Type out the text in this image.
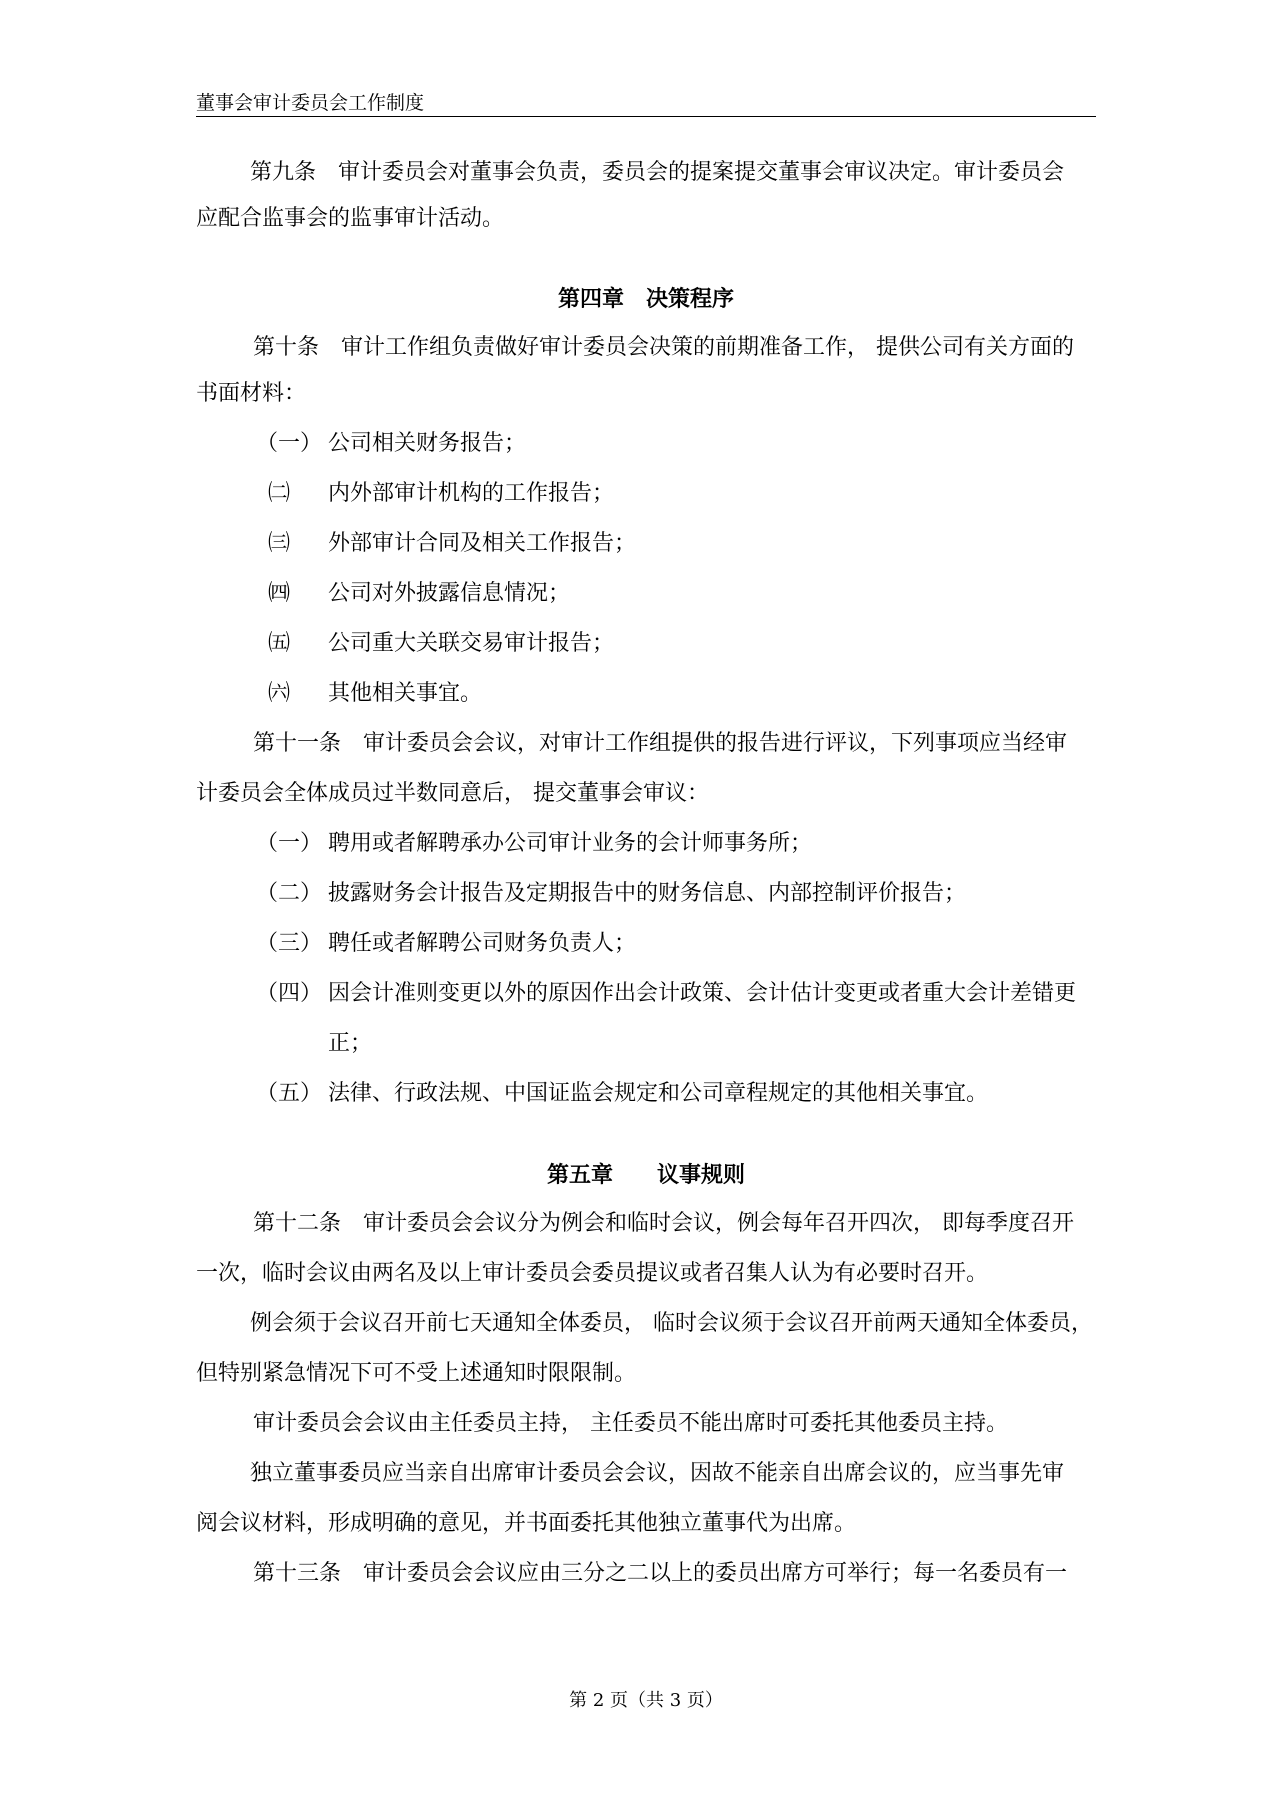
董事会审计委员会工作制度
第九条　审计委员会对董事会负责，委员会的提案提交董事会审议决定。审计委员会
应配合监事会的监事审计活动。
第四章　决策程序
第十条　审计工作组负责做好审计委员会决策的前期准备工作， 提供公司有关方面的
书面材料：
（一） 公司相关财务报告；
㈡ 内外部审计机构的工作报告；
㈢ 外部审计合同及相关工作报告；
㈣ 公司对外披露信息情况；
㈤ 公司重大关联交易审计报告；
㈥ 其他相关事宜。
第十一条　审计委员会会议，对审计工作组提供的报告进行评议，下列事项应当经审
计委员会全体成员过半数同意后， 提交董事会审议：
（一） 聘用或者解聘承办公司审计业务的会计师事务所；
（二） 披露财务会计报告及定期报告中的财务信息、内部控制评价报告；
（三） 聘任或者解聘公司财务负责人；
（四） 因会计准则变更以外的原因作出会计政策、会计估计变更或者重大会计差错更
正；
（五） 法律、行政法规、中国证监会规定和公司章程规定的其他相关事宜。
第五章　　议事规则
第十二条　审计委员会会议分为例会和临时会议，例会每年召开四次， 即每季度召开
一次，临时会议由两名及以上审计委员会委员提议或者召集人认为有必要时召开。
例会须于会议召开前七天通知全体委员， 临时会议须于会议召开前两天通知全体委员，
但特别紧急情况下可不受上述通知时限限制。
审计委员会会议由主任委员主持， 主任委员不能出席时可委托其他委员主持。
独立董事委员应当亲自出席审计委员会会议，因故不能亲自出席会议的，应当事先审
阅会议材料，形成明确的意见，并书面委托其他独立董事代为出席。
第十三条　审计委员会会议应由三分之二以上的委员出席方可举行；每一名委员有一
第 2 页（共 3 页）
